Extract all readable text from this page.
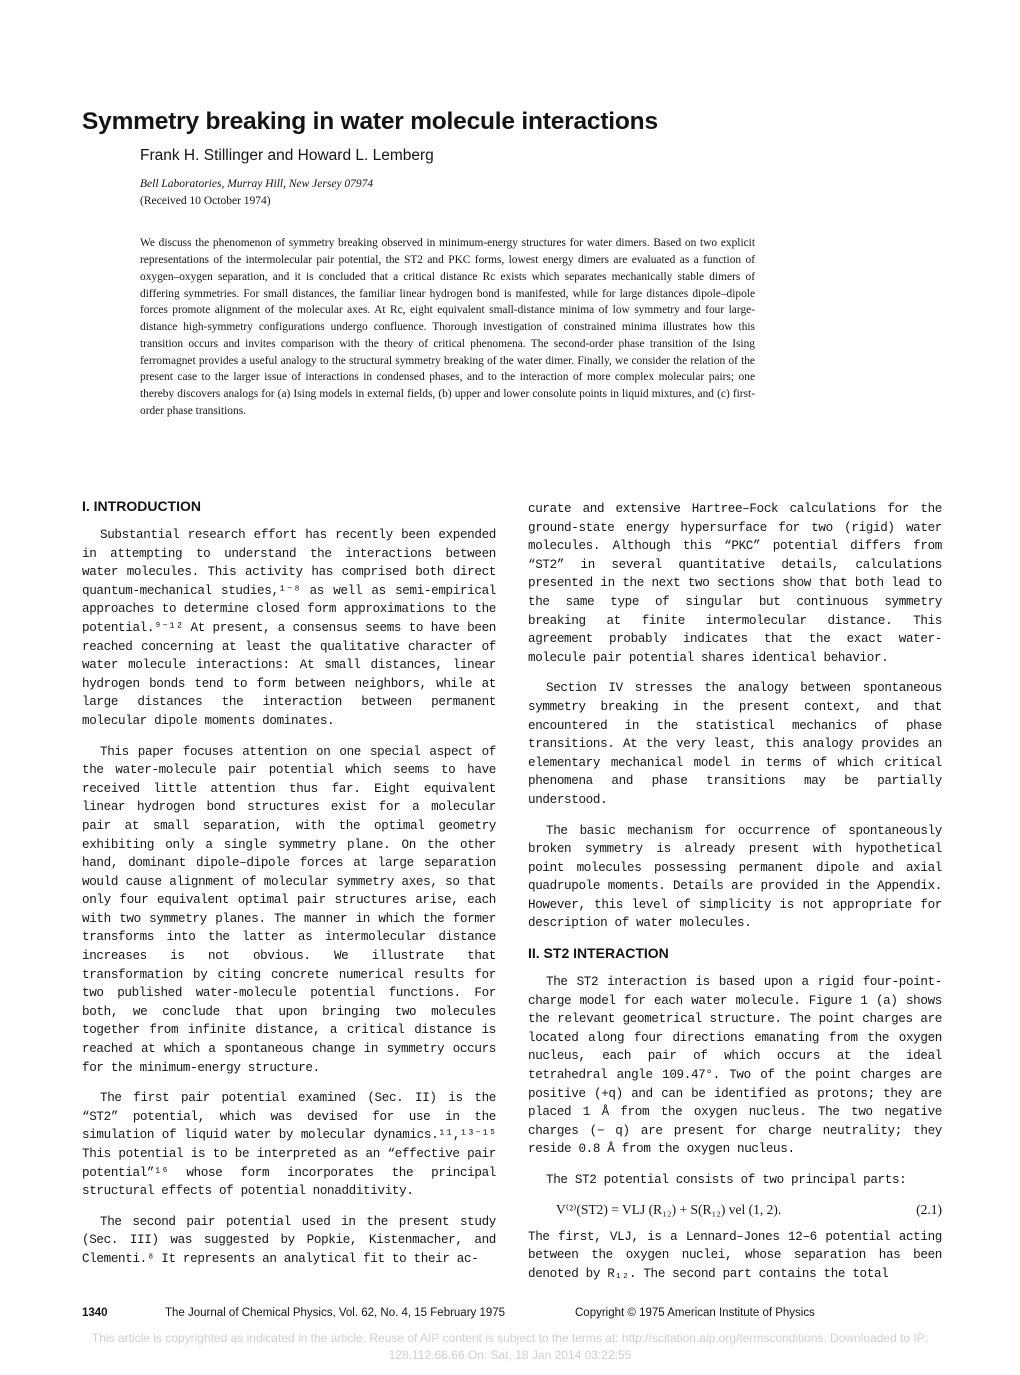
Symmetry breaking in water molecule interactions
Frank H. Stillinger and Howard L. Lemberg
Bell Laboratories, Murray Hill, New Jersey 07974
(Received 10 October 1974)

We discuss the phenomenon of symmetry breaking observed in minimum-energy structures for water dimers. Based on two explicit representations of the intermolecular pair potential, the ST2 and PKC forms, lowest energy dimers are evaluated as a function of oxygen–oxygen separation, and it is concluded that a critical distance Rc exists which separates mechanically stable dimers of differing symmetries. For small distances, the familiar linear hydrogen bond is manifested, while for large distances dipole–dipole forces promote alignment of the molecular axes. At Rc, eight equivalent small-distance minima of low symmetry and four large-distance high-symmetry configurations undergo confluence. Thorough investigation of constrained minima illustrates how this transition occurs and invites comparison with the theory of critical phenomena. The second-order phase transition of the Ising ferromagnet provides a useful analogy to the structural symmetry breaking of the water dimer. Finally, we consider the relation of the present case to the larger issue of interactions in condensed phases, and to the interaction of more complex molecular pairs; one thereby discovers analogs for (a) Ising models in external fields, (b) upper and lower consolute points in liquid mixtures, and (c) first-order phase transitions.

I. INTRODUCTION

Substantial research effort has recently been expended in attempting to understand the interactions between water molecules. This activity has comprised both direct quantum-mechanical studies,¹⁻⁸ as well as semi-empirical approaches to determine closed form approximations to the potential.⁹⁻¹² At present, a consensus seems to have been reached concerning at least the qualitative character of water molecule interactions: At small distances, linear hydrogen bonds tend to form between neighbors, while at large distances the interaction between permanent molecular dipole moments dominates.

This paper focuses attention on one special aspect of the water-molecule pair potential which seems to have received little attention thus far. Eight equivalent linear hydrogen bond structures exist for a molecular pair at small separation, with the optimal geometry exhibiting only a single symmetry plane. On the other hand, dominant dipole–dipole forces at large separation would cause alignment of molecular symmetry axes, so that only four equivalent optimal pair structures arise, each with two symmetry planes. The manner in which the former transforms into the latter as intermolecular distance increases is not obvious. We illustrate that transformation by citing concrete numerical results for two published water-molecule potential functions. For both, we conclude that upon bringing two molecules together from infinite distance, a critical distance is reached at which a spontaneous change in symmetry occurs for the minimum-energy structure.

The first pair potential examined (Sec. II) is the “ST2” potential, which was devised for use in the simulation of liquid water by molecular dynamics.¹¹,¹³⁻¹⁵ This potential is to be interpreted as an “effective pair potential”¹⁶ whose form incorporates the principal structural effects of potential nonadditivity.

The second pair potential used in the present study (Sec. III) was suggested by Popkie, Kistenmacher, and Clementi.⁸ It represents an analytical fit to their ac-

curate and extensive Hartree–Fock calculations for the ground-state energy hypersurface for two (rigid) water molecules. Although this “PKC” potential differs from “ST2” in several quantitative details, calculations presented in the next two sections show that both lead to the same type of singular but continuous symmetry breaking at finite intermolecular distance. This agreement probably indicates that the exact water-molecule pair potential shares identical behavior.

Section IV stresses the analogy between spontaneous symmetry breaking in the present context, and that encountered in the statistical mechanics of phase transitions. At the very least, this analogy provides an elementary mechanical model in terms of which critical phenomena and phase transitions may be partially understood.

The basic mechanism for occurrence of spontaneously broken symmetry is already present with hypothetical point molecules possessing permanent dipole and axial quadrupole moments. Details are provided in the Appendix. However, this level of simplicity is not appropriate for description of water molecules.

II. ST2 INTERACTION

The ST2 interaction is based upon a rigid four-point-charge model for each water molecule. Figure 1 (a) shows the relevant geometrical structure. The point charges are located along four directions emanating from the oxygen nucleus, each pair of which occurs at the ideal tetrahedral angle 109.47°. Two of the point charges are positive (+q) and can be identified as protons; they are placed 1 Å from the oxygen nucleus. The two negative charges (− q) are present for charge neutrality; they reside 0.8 Å from the oxygen nucleus.

The ST2 potential consists of two principal parts:

V⁽²⁾(ST2) = VLJ (R₁₂) + S(R₁₂) vel (1, 2).	(2.1)

The first, VLJ, is a Lennard–Jones 12–6 potential acting between the oxygen nuclei, whose separation has been denoted by R₁₂. The second part contains the total

1340	The Journal of Chemical Physics, Vol. 62, No. 4, 15 February 1975	Copyright © 1975 American Institute of Physics
This article is copyrighted as indicated in the article. Reuse of AIP content is subject to the terms at: http://scitation.aip.org/termsconditions. Downloaded to IP:
128.112.66.66 On: Sat, 18 Jan 2014 03:22:55
